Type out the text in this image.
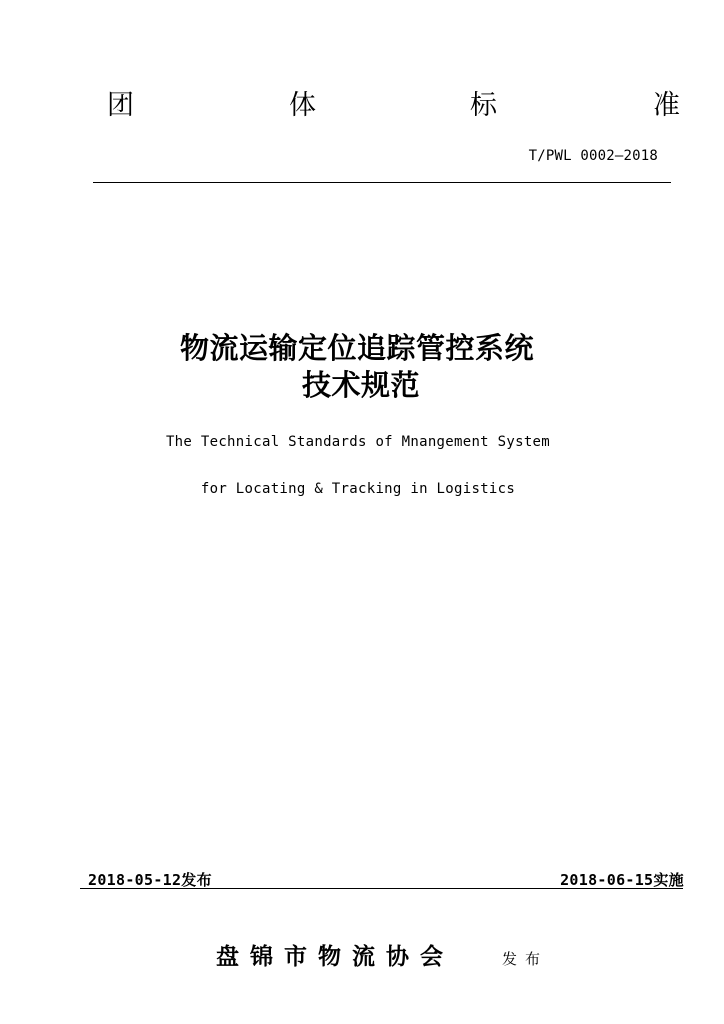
团	体	标	准
T/PWL 0002—2018
物流运输定位追踪管控系统
技术规范
The Technical Standards of Mnangement System
for Locating & Tracking in Logistics
2018-05-12发布	2018-06-15实施
盘锦市物流协会	发布
